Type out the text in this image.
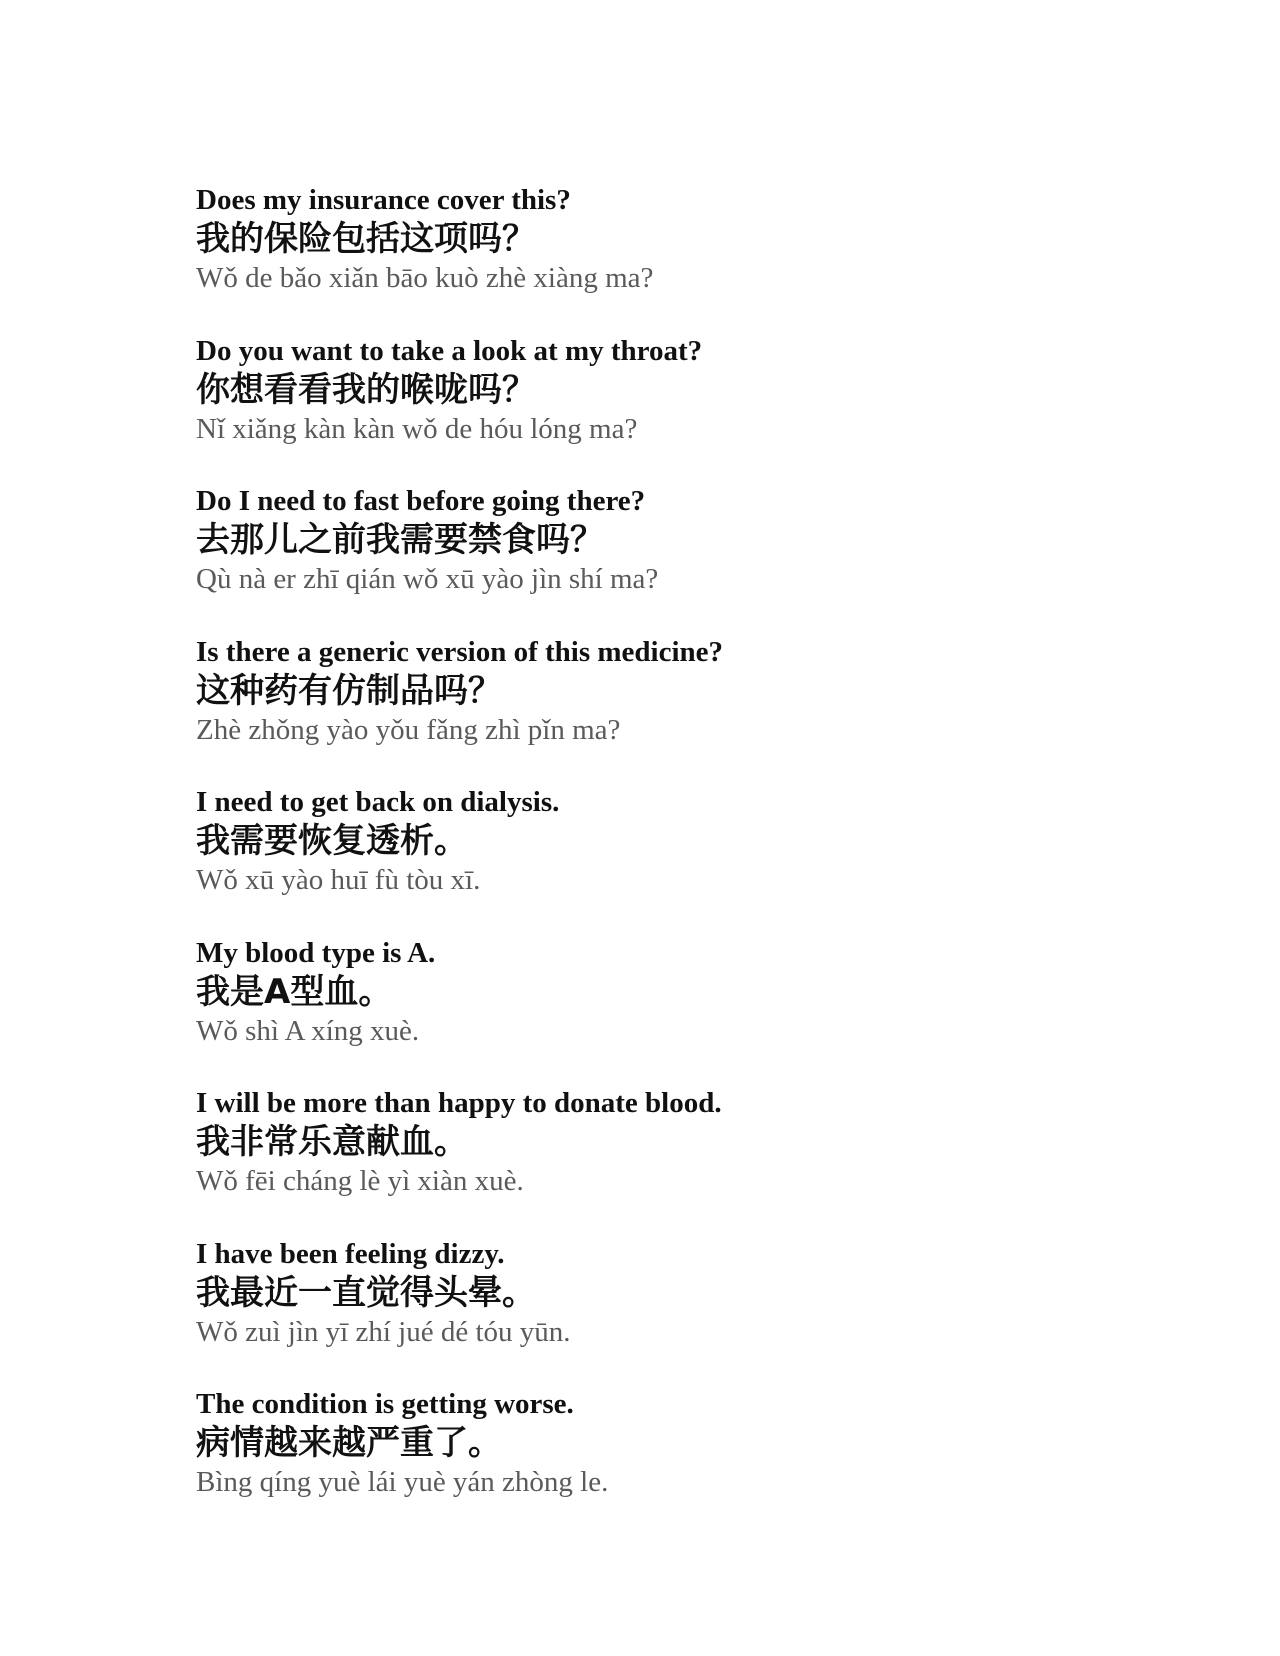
Does my insurance cover this?
我的保险包括这项吗？
Wǒ de bǎo xiǎn bāo kuò zhè xiàng ma?
Do you want to take a look at my throat?
你想看看我的喉咙吗？
Nǐ xiǎng kàn kàn wǒ de hóu lóng ma?
Do I need to fast before going there?
去那儿之前我需要禁食吗？
Qù nà er zhī qián wǒ xū yào jìn shí ma?
Is there a generic version of this medicine?
这种药有仿制品吗？
Zhè zhǒng yào yǒu fǎng zhì pǐn ma?
I need to get back on dialysis.
我需要恢复透析。
Wǒ xū yào huī fù tòu xī.
My blood type is A.
我是A型血。
Wǒ shì A xíng xuè.
I will be more than happy to donate blood.
我非常乐意献血。
Wǒ fēi cháng lè yì xiàn xuè.
I have been feeling dizzy.
我最近一直觉得头晕。
Wǒ zuì jìn yī zhí jué dé tóu yūn.
The condition is getting worse.
病情越来越严重了。
Bìng qíng yuè lái yuè yán zhòng le.
